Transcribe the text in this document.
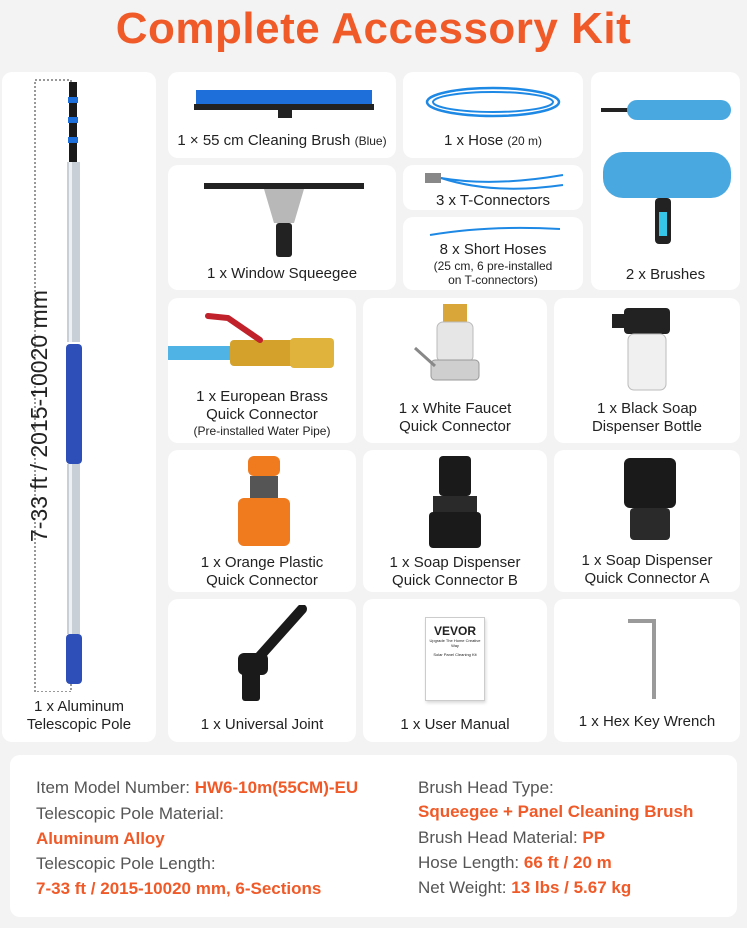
Complete Accessory Kit
7-33 ft / 2015-10020 mm
1 x Aluminum
Telescopic Pole
1 × 55 cm Cleaning Brush (Blue)	1 x Hose (20 m)
2 x Brushes
1 x Window Squeegee
3 x T-Connectors
8 x Short Hoses
(25 cm, 6 pre-installed
on T-connectors)
1 x European Brass
Quick Connector
(Pre-installed Water Pipe)
1 x White Faucet
Quick Connector
1 x Black Soap
Dispenser Bottle
1 x Orange Plastic
Quick Connector
1 x Soap Dispenser
Quick Connector B
1 x Soap Dispenser
Quick Connector A
1 x Universal Joint
VEVOR
Upgrade The Home Creative Way
Solar Panel Cleaning Kit
1 x User Manual	1 x Hex Key Wrench
Item Model Number: HW6-10m(55CM)-EU
Telescopic Pole Material:
Aluminum Alloy
Telescopic Pole Length:
7-33 ft / 2015-10020 mm, 6-Sections
Brush Head Type:
Squeegee + Panel Cleaning Brush
Brush Head Material: PP
Hose Length: 66 ft / 20 m
Net Weight: 13 lbs / 5.67 kg
